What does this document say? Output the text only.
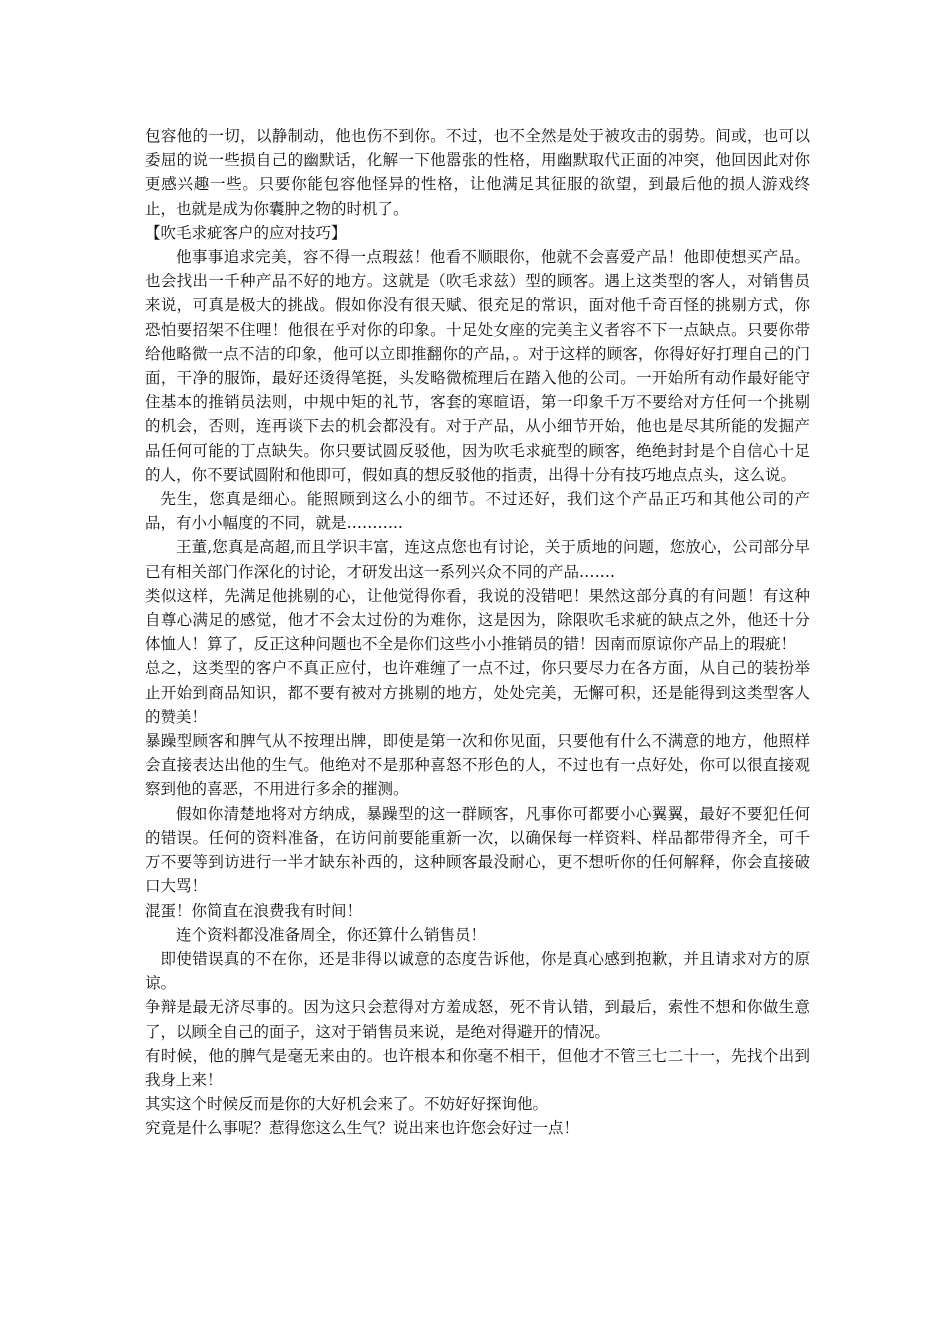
包容他的一切，以静制动，他也伤不到你。不过，也不全然是处于被攻击的弱势。间或，也可以委屈的说一些损自己的幽默话，化解一下他嚣张的性格，用幽默取代正面的冲突，他回因此对你更感兴趣一些。只要你能包容他怪异的性格，让他满足其征服的欲望，到最后他的损人游戏终止，也就是成为你囊肿之物的时机了。

【吹毛求疵客户的应对技巧】

他事事追求完美，容不得一点瑕兹！他看不顺眼你，他就不会喜爱产品！他即使想买产品。也会找出一千种产品不好的地方。这就是（吹毛求兹）型的顾客。遇上这类型的客人，对销售员来说，可真是极大的挑战。假如你没有很天赋、很充足的常识，面对他千奇百怪的挑剔方式，你恐怕要招架不住哩！他很在乎对你的印象。十足处女座的完美主义者容不下一点缺点。只要你带给他略微一点不洁的印象，他可以立即推翻你的产品，。对于这样的顾客，你得好好打理自己的门面，干净的服饰，最好还烫得笔挺，头发略微梳理后在踏入他的公司。一开始所有动作最好能守住基本的推销员法则，中规中矩的礼节，客套的寒暄语，第一印象千万不要给对方任何一个挑剔的机会，否则，连再谈下去的机会都没有。对于产品，从小细节开始，他也是尽其所能的发掘产品任何可能的丁点缺失。你只要试圆反驳他，因为吹毛求疵型的顾客，绝绝封封是个自信心十足的人，你不要试圆附和他即可，假如真的想反驳他的指责，出得十分有技巧地点点头，这么说。

先生，您真是细心。能照顾到这么小的细节。不过还好，我们这个产品正巧和其他公司的产品，有小小幅度的不同，就是………..

王董,您真是高超,而且学识丰富，连这点您也有讨论，关于质地的问题，您放心，公司部分早已有相关部门作深化的讨论，才研发出这一系列兴众不同的产品…….

类似这样，先满足他挑剔的心，让他觉得你看，我说的没错吧！果然这部分真的有问题！有这种自尊心满足的感觉，他才不会太过份的为难你，这是因为，除限吹毛求疵的缺点之外，他还十分体恤人！算了，反正这种问题也不全是你们这些小小推销员的错！因南而原谅你产品上的瑕疵！

总之，这类型的客户不真正应付，也许难缠了一点不过，你只要尽力在各方面，从自己的装扮举止开始到商品知识，都不要有被对方挑剔的地方，处处完美，无懈可积，还是能得到这类型客人的赞美！

暴躁型顾客和脾气从不按理出牌，即使是第一次和你见面，只要他有什么不满意的地方，他照样会直接表达出他的生气。他绝对不是那种喜怒不形色的人，不过也有一点好处，你可以很直接观察到他的喜恶，不用进行多余的摧测。

假如你清楚地将对方纳成，暴躁型的这一群顾客，凡事你可都要小心翼翼，最好不要犯任何的错误。任何的资料准备，在访问前要能重新一次，以确保每一样资料、样品都带得齐全，可千万不要等到访进行一半才缺东补西的，这种顾客最没耐心，更不想听你的任何解释，你会直接破口大骂！

混蛋！你简直在浪费我有时间！

连个资料都没准备周全，你还算什么销售员！

即使错误真的不在你，还是非得以诚意的态度告诉他，你是真心感到抱歉，并且请求对方的原谅。

争辩是最无济尽事的。因为这只会惹得对方羞成怒，死不肯认错，到最后，索性不想和你做生意了，以顾全自己的面子，这对于销售员来说，是绝对得避开的情况。

有时候，他的脾气是毫无来由的。也许根本和你毫不相干，但他才不管三七二十一，先找个出到我身上来！

其实这个时候反而是你的大好机会来了。不妨好好探询他。

究竟是什么事呢？惹得您这么生气？说出来也许您会好过一点！
